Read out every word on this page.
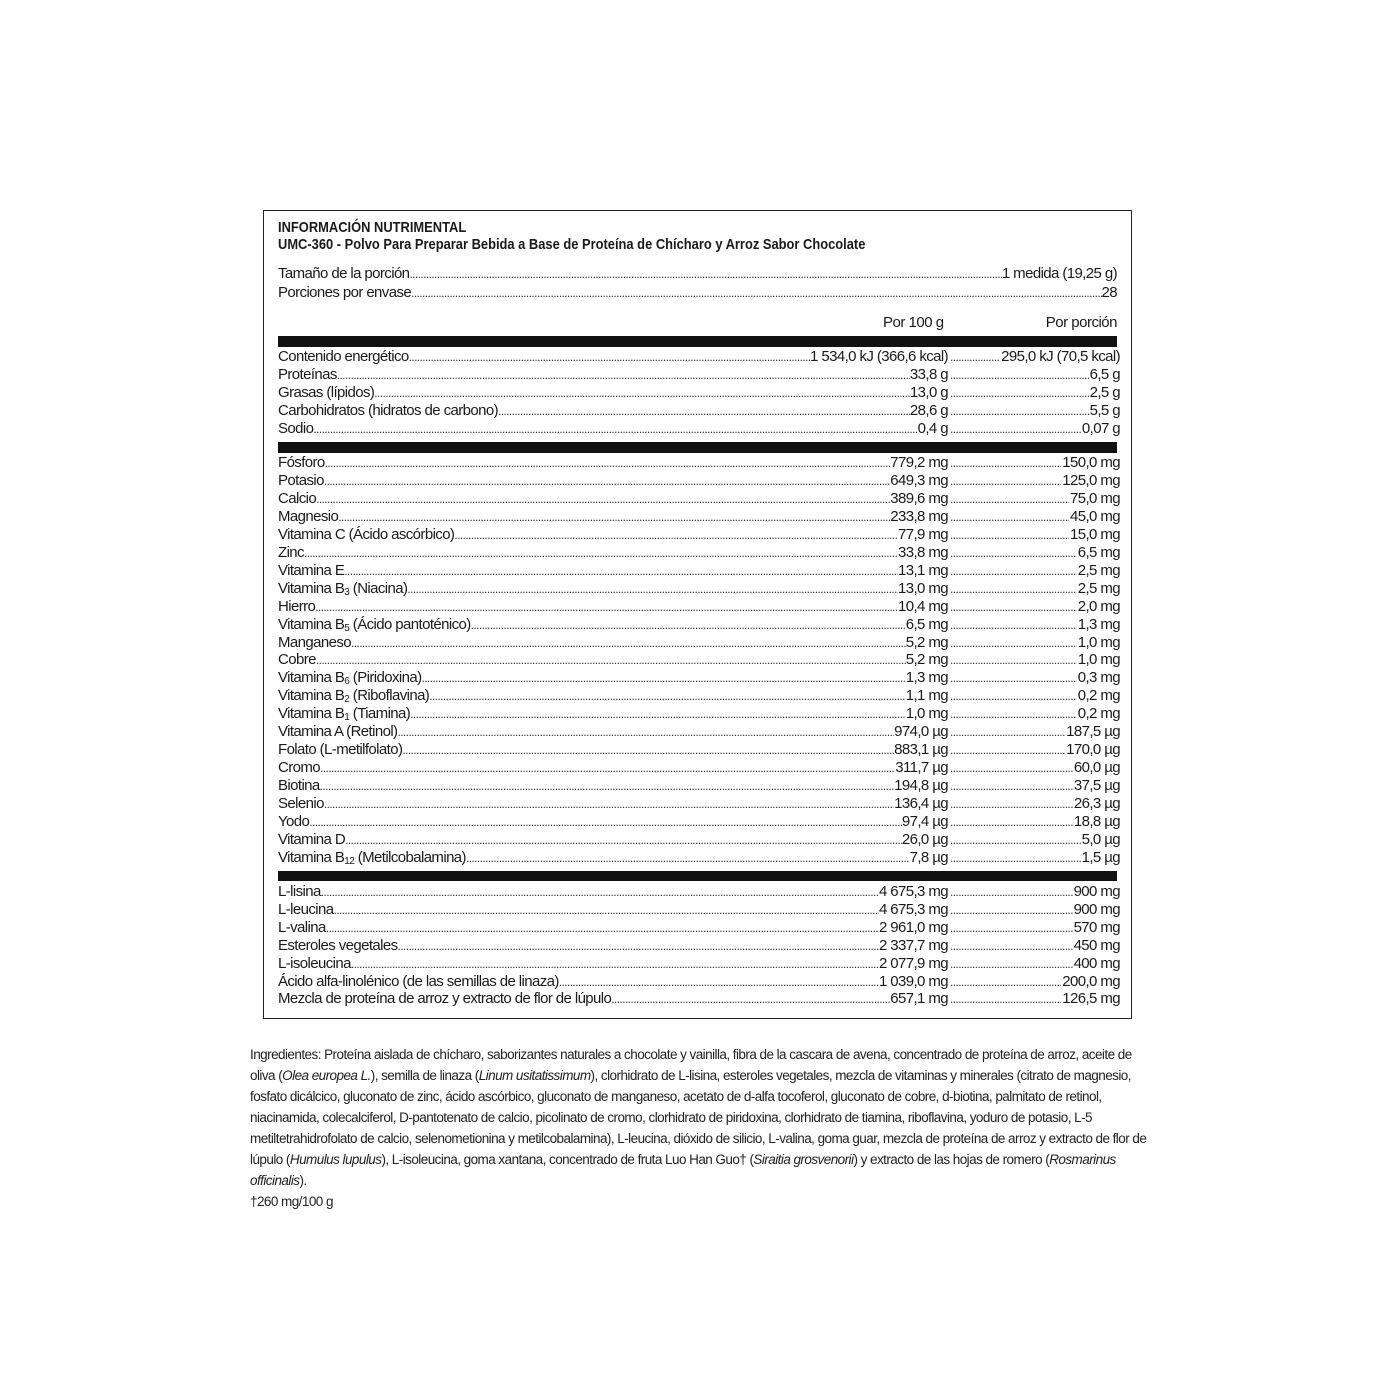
INFORMACIÓN NUTRIMENTAL
UMC-360 - Polvo Para Preparar Bebida a Base de Proteína de Chícharo y Arroz Sabor Chocolate
Tamaño de la porción .....	1 medida (19,25 g)
Porciones por envase .....	28
Por 100 g	Por porción
Contenido energético .....	1 534,0 kJ (366,6 kcal) .....	295,0 kJ (70,5 kcal)
Proteínas .....	33,8 g .....	6,5 g
Grasas (lípidos) .....	13,0 g .....	2,5 g
Carbohidratos (hidratos de carbono) .....	28,6 g .....	5,5 g
Sodio .....	0,4 g .....	0,07 g
Fósforo .....	779,2 mg .....	150,0 mg
Potasio .....	649,3 mg .....	125,0 mg
Calcio .....	389,6 mg .....	75,0 mg
Magnesio .....	233,8 mg .....	45,0 mg
Vitamina C (Ácido ascórbico) .....	77,9 mg .....	15,0 mg
Zinc .....	33,8 mg .....	6,5 mg
Vitamina E .....	13,1 mg .....	2,5 mg
Vitamina $B_3$ (Niacina) .....	13,0 mg .....	2,5 mg
Hierro .....	10,4 mg .....	2,0 mg
Vitamina $B_5$ (Ácido pantoténico) .....	6,5 mg .....	1,3 mg
Manganeso .....	5,2 mg .....	1,0 mg
Cobre .....	5,2 mg .....	1,0 mg
Vitamina $B_6$ (Piridoxina) .....	1,3 mg .....	0,3 mg
Vitamina $B_2$ (Riboflavina) .....	1,1 mg .....	0,2 mg
Vitamina $B_1$ (Tiamina) .....	1,0 mg .....	0,2 mg
Vitamina A (Retinol) .....	974,0 µg .....	187,5 µg
Folato (L-metilfolato) .....	883,1 µg .....	170,0 µg
Cromo .....	311,7 µg .....	60,0 µg
Biotina .....	194,8 µg .....	37,5 µg
Selenio .....	136,4 µg .....	26,3 µg
Yodo .....	97,4 µg .....	18,8 µg
Vitamina D .....	26,0 µg .....	5,0 µg
Vitamina $B_{12}$ (Metilcobalamina) .....	7,8 µg .....	1,5 µg
L-lisina .....	4 675,3 mg .....	900 mg
L-leucina .....	4 675,3 mg .....	900 mg
L-valina .....	2 961,0 mg .....	570 mg
Esteroles vegetales .....	2 337,7 mg .....	450 mg
L-isoleucina .....	2 077,9 mg .....	400 mg
Ácido alfa-linolénico (de las semillas de linaza) .....	1 039,0 mg .....	200,0 mg
Mezcla de proteína de arroz y extracto de flor de lúpulo .....	657,1 mg .....	126,5 mg
Ingredientes: Proteína aislada de chícharo, saborizantes naturales a chocolate y vainilla, fibra de la cascara de avena, concentrado de proteína de arroz, aceite de oliva (Olea europea L.), semilla de linaza (Linum usitatissimum), clorhidrato de L-lisina, esteroles vegetales, mezcla de vitaminas y minerales (citrato de magnesio, fosfato dicálcico, gluconato de zinc, ácido ascórbico, gluconato de manganeso, acetato de d-alfa tocoferol, gluconato de cobre, d-biotina, palmitato de retinol, niacinamida, colecalciferol, D-pantotenato de calcio, picolinato de cromo, clorhidrato de piridoxina, clorhidrato de tiamina, riboflavina, yoduro de potasio, L-5 metiltetrahidrofolato de calcio, selenometionina y metilcobalamina), L-leucina, dióxido de silicio, L-valina, goma guar, mezcla de proteína de arroz y extracto de flor de lúpulo (Humulus lupulus), L-isoleucina, goma xantana, concentrado de fruta Luo Han Guo† (Siraitia grosvenorii) y extracto de las hojas de romero (Rosmarinus officinalis).
†260 mg/100 g
